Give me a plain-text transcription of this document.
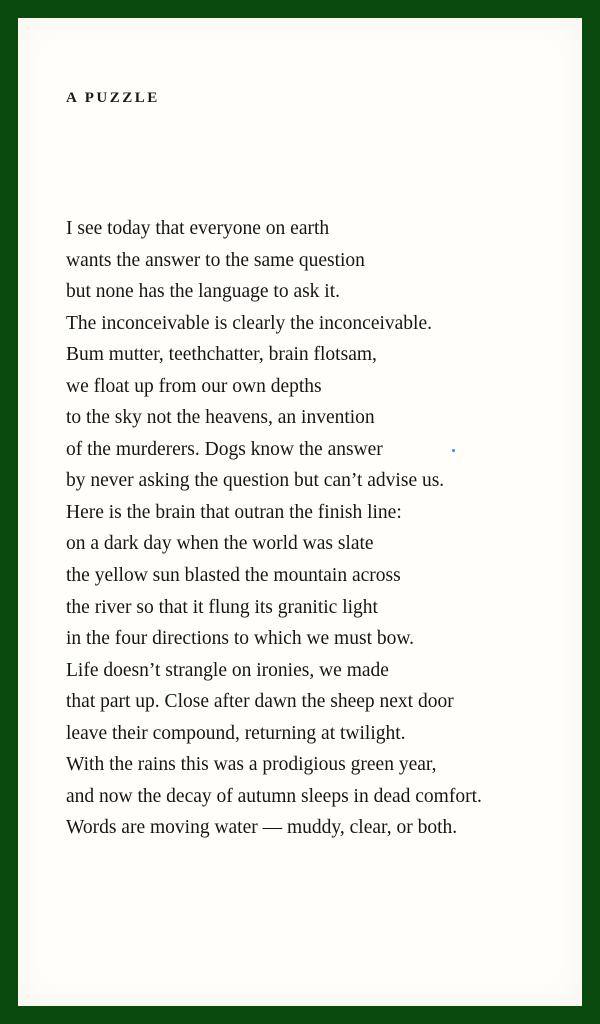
A PUZZLE
I see today that everyone on earth
wants the answer to the same question
but none has the language to ask it.
The inconceivable is clearly the inconceivable.
Bum mutter, teethchatter, brain flotsam,
we float up from our own depths
to the sky not the heavens, an invention
of the murderers. Dogs know the answer
by never asking the question but can’t advise us.
Here is the brain that outran the finish line:
on a dark day when the world was slate
the yellow sun blasted the mountain across
the river so that it flung its granitic light
in the four directions to which we must bow.
Life doesn’t strangle on ironies, we made
that part up. Close after dawn the sheep next door
leave their compound, returning at twilight.
With the rains this was a prodigious green year,
and now the decay of autumn sleeps in dead comfort.
Words are moving water — muddy, clear, or both.
